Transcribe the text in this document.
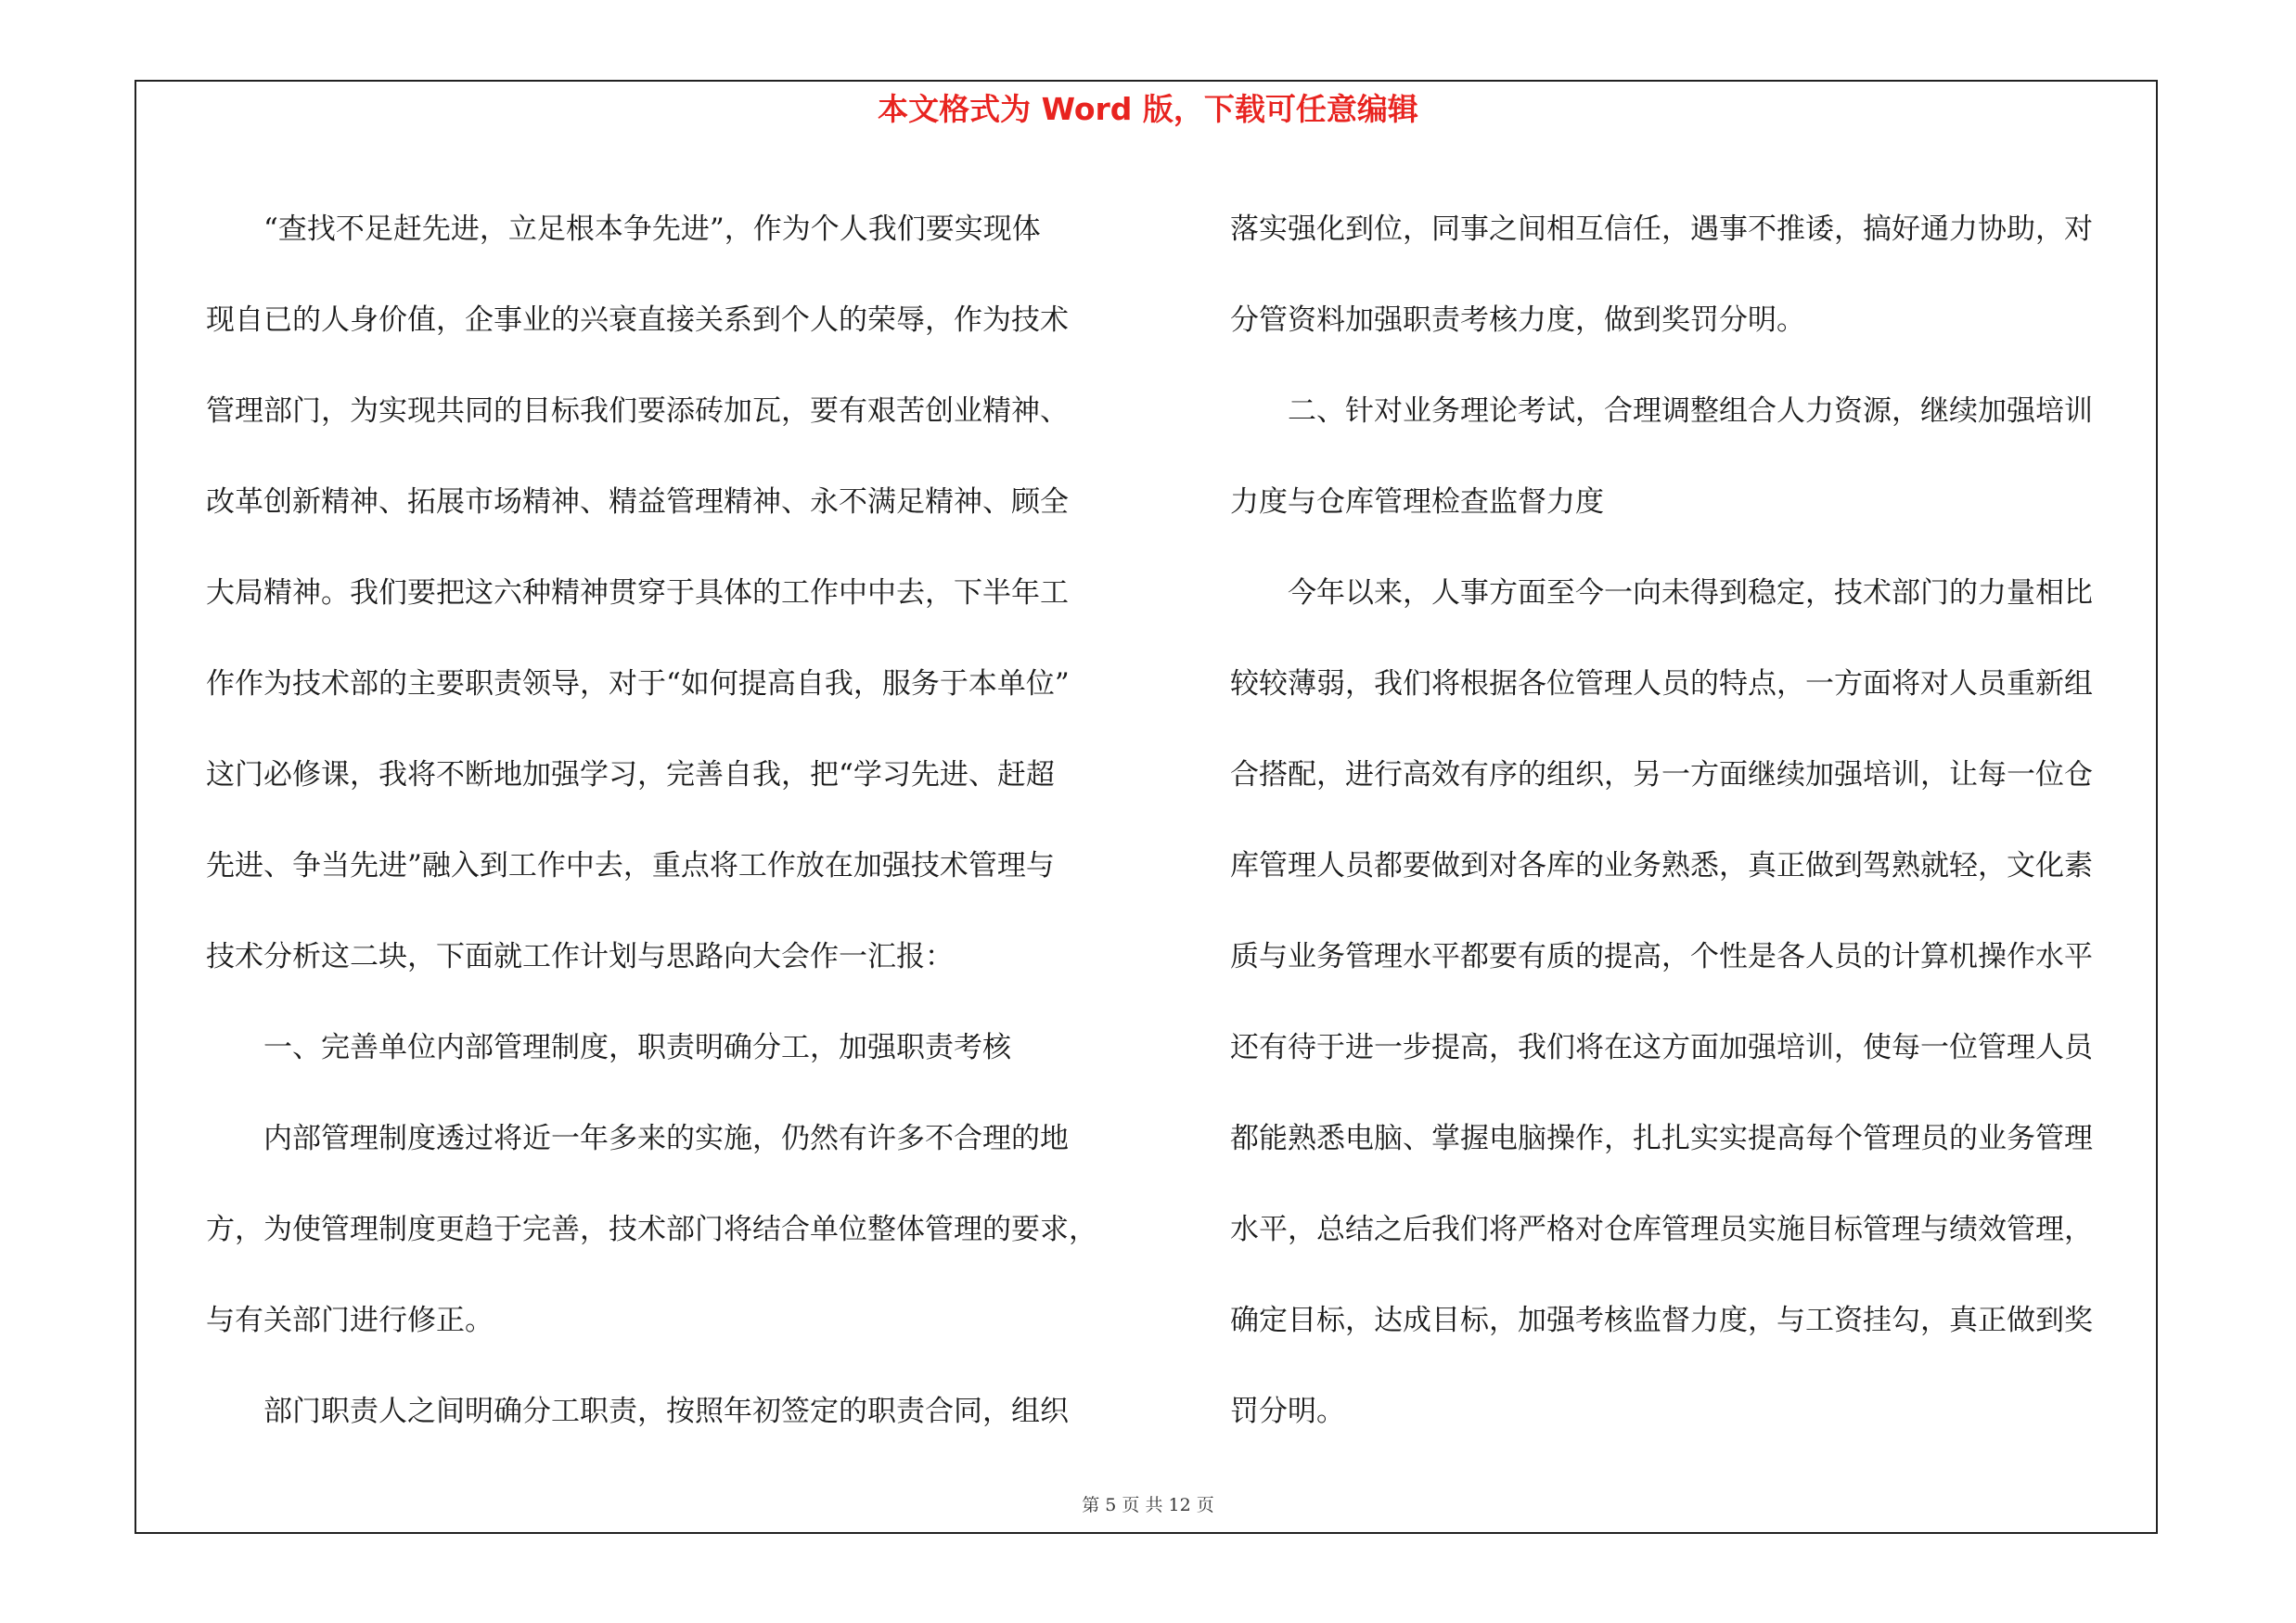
本文格式为 Word 版，下载可任意编辑
　　“查找不足赶先进，立足根本争先进”，作为个人我们要实现体
现自已的人身价值，企事业的兴衰直接关系到个人的荣辱，作为技术
管理部门，为实现共同的目标我们要添砖加瓦，要有艰苦创业精神、
改革创新精神、拓展市场精神、精益管理精神、永不满足精神、顾全
大局精神。我们要把这六种精神贯穿于具体的工作中中去，下半年工
作作为技术部的主要职责领导，对于“如何提高自我，服务于本单位”
这门必修课，我将不断地加强学习，完善自我，把“学习先进、赶超
先进、争当先进”融入到工作中去，重点将工作放在加强技术管理与
技术分析这二块，下面就工作计划与思路向大会作一汇报：
　　一、完善单位内部管理制度，职责明确分工，加强职责考核
　　内部管理制度透过将近一年多来的实施，仍然有许多不合理的地
方，为使管理制度更趋于完善，技术部门将结合单位整体管理的要求，
与有关部门进行修正。
　　部门职责人之间明确分工职责，按照年初签定的职责合同，组织
落实强化到位，同事之间相互信任，遇事不推诿，搞好通力协助，对
分管资料加强职责考核力度，做到奖罚分明。
　　二、针对业务理论考试，合理调整组合人力资源，继续加强培训
力度与仓库管理检查监督力度
　　今年以来，人事方面至今一向未得到稳定，技术部门的力量相比
较较薄弱，我们将根据各位管理人员的特点，一方面将对人员重新组
合搭配，进行高效有序的组织，另一方面继续加强培训，让每一位仓
库管理人员都要做到对各库的业务熟悉，真正做到驾熟就轻，文化素
质与业务管理水平都要有质的提高，个性是各人员的计算机操作水平
还有待于进一步提高，我们将在这方面加强培训，使每一位管理人员
都能熟悉电脑、掌握电脑操作，扎扎实实提高每个管理员的业务管理
水平，总结之后我们将严格对仓库管理员实施目标管理与绩效管理，
确定目标，达成目标，加强考核监督力度，与工资挂勾，真正做到奖
罚分明。
第 5 页 共 12 页
